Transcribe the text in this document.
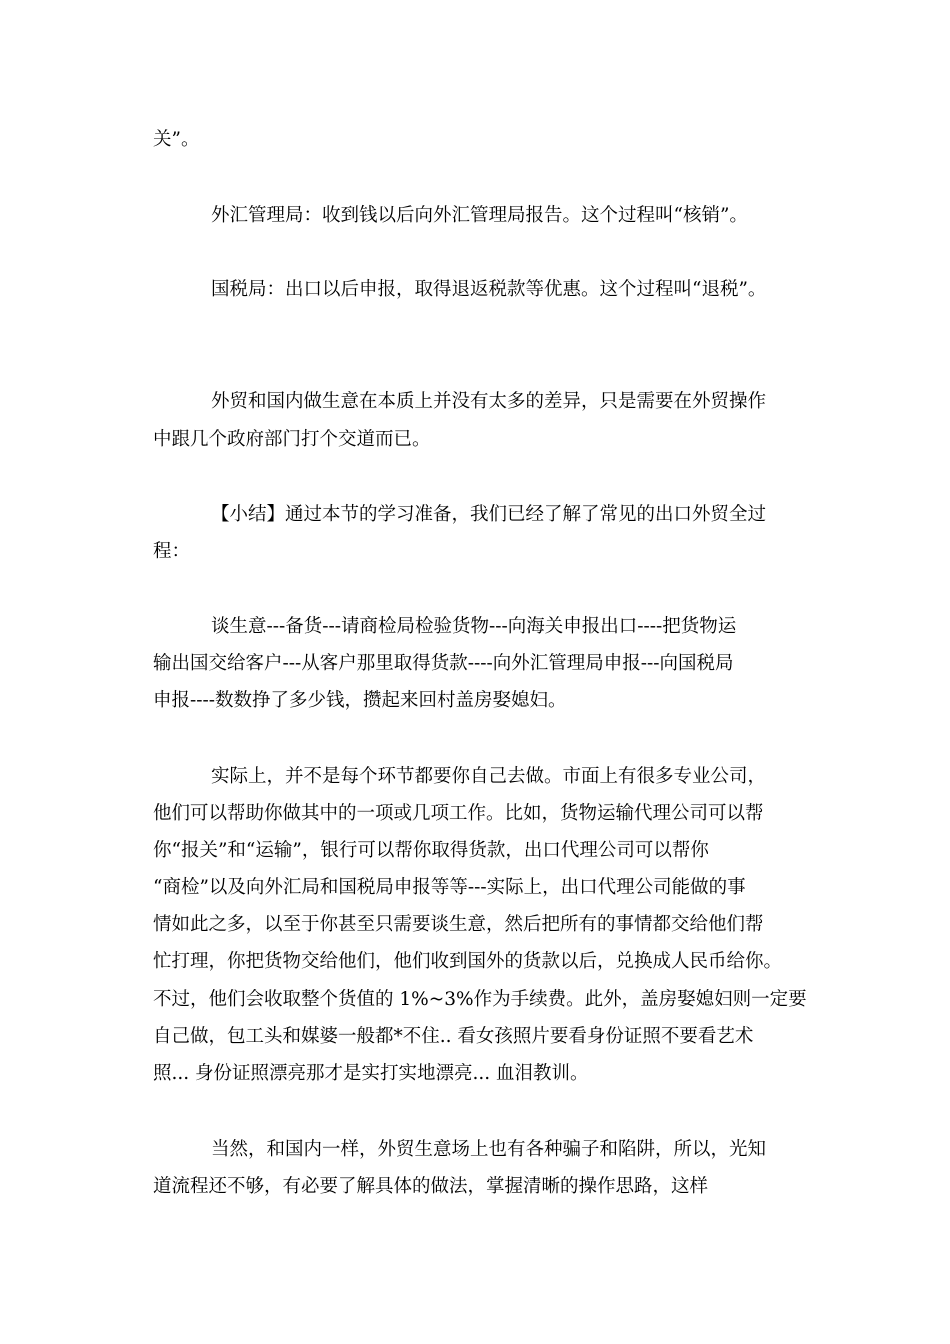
关”。
外汇管理局：收到钱以后向外汇管理局报告。这个过程叫“核销”。
国税局：出口以后申报，取得退返税款等优惠。这个过程叫“退税”。
外贸和国内做生意在本质上并没有太多的差异，只是需要在外贸操作
中跟几个政府部门打个交道而已。
【小结】通过本节的学习准备，我们已经了解了常见的出口外贸全过
程：
谈生意---备货---请商检局检验货物---向海关申报出口----把货物运
输出国交给客户---从客户那里取得货款----向外汇管理局申报---向国税局
申报----数数挣了多少钱，攒起来回村盖房娶媳妇。
实际上，并不是每个环节都要你自己去做。市面上有很多专业公司，
他们可以帮助你做其中的一项或几项工作。比如，货物运输代理公司可以帮
你“报关”和“运输”，银行可以帮你取得货款，出口代理公司可以帮你
“商检”以及向外汇局和国税局申报等等---实际上，出口代理公司能做的事
情如此之多，以至于你甚至只需要谈生意，然后把所有的事情都交给他们帮
忙打理，你把货物交给他们，他们收到国外的货款以后，兑换成人民币给你。
不过，他们会收取整个货值的 1%~3%作为手续费。此外，盖房娶媳妇则一定要
自己做，包工头和媒婆一般都*不住.. 看女孩照片要看身份证照不要看艺术
照... 身份证照漂亮那才是实打实地漂亮... 血泪教训。
当然，和国内一样，外贸生意场上也有各种骗子和陷阱，所以，光知
道流程还不够，有必要了解具体的做法，掌握清晰的操作思路，这样
